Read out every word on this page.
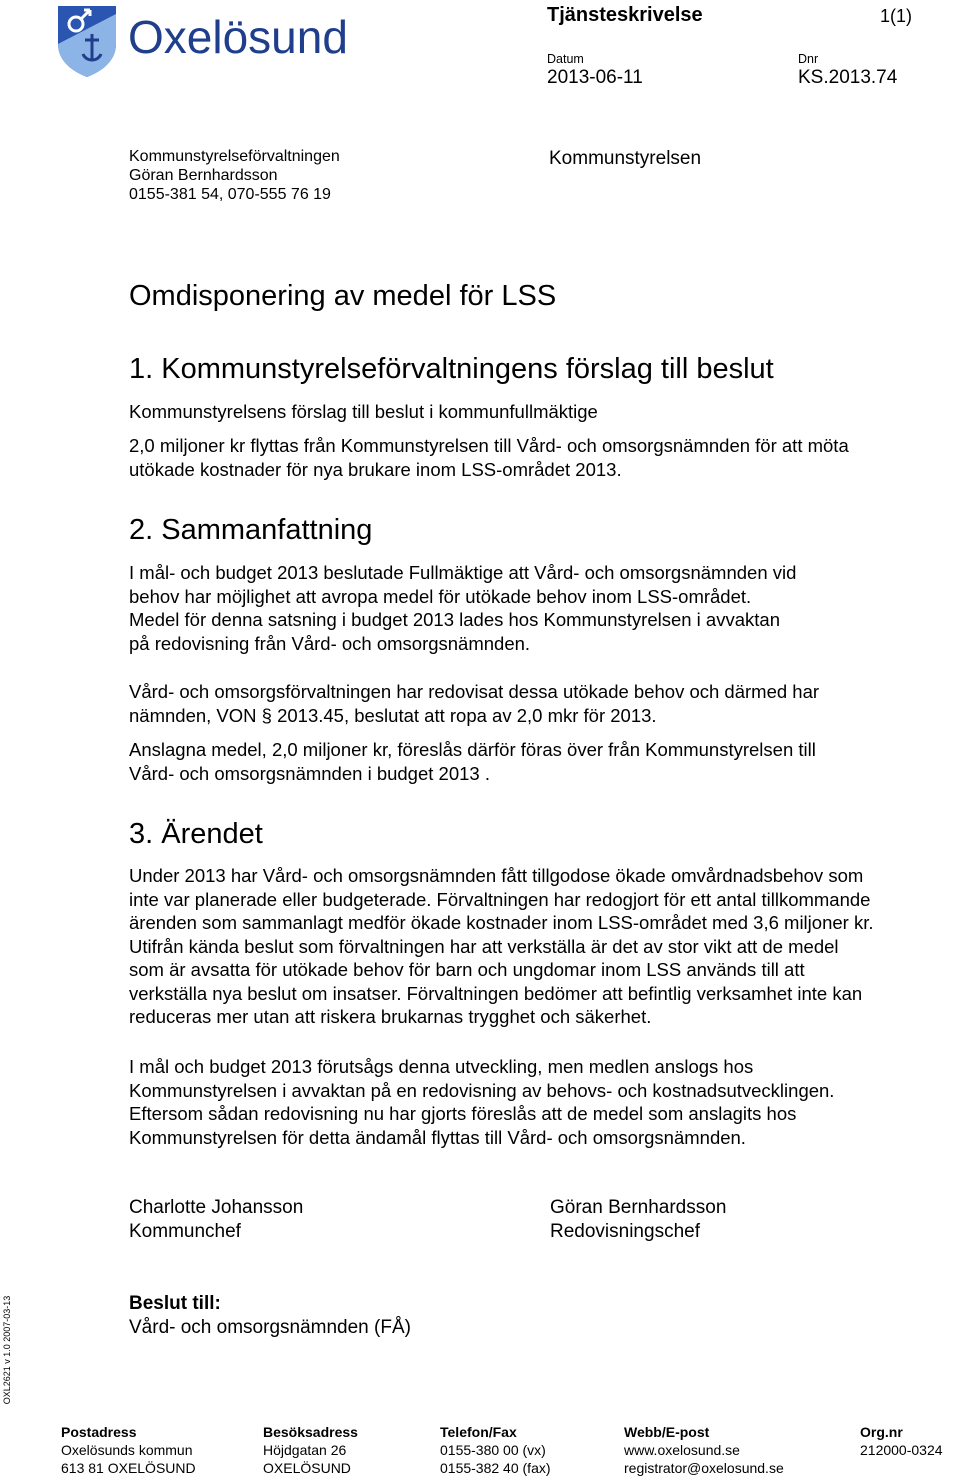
Oxelösund	Tjänsteskrivelse	1(1)
Datum
2013-06-11
Dnr
KS.2013.74
Kommunstyrelseförvaltningen
Göran Bernhardsson
0155-381 54, 070-555 76 19
Kommunstyrelsen
Omdisponering av medel för LSS
1. Kommunstyrelseförvaltningens förslag till beslut
Kommunstyrelsens förslag till beslut i kommunfullmäktige
2,0 miljoner kr flyttas från Kommunstyrelsen till Vård- och omsorgsnämnden för att möta
utökade kostnader för nya brukare inom LSS-området 2013.
2. Sammanfattning
I mål- och budget 2013 beslutade Fullmäktige att Vård- och omsorgsnämnden vid
behov har möjlighet att avropa medel för utökade behov inom LSS-området.
Medel för denna satsning i budget 2013 lades hos Kommunstyrelsen i avvaktan
på redovisning från Vård- och omsorgsnämnden.
Vård- och omsorgsförvaltningen har redovisat dessa utökade behov och därmed har
nämnden, VON § 2013.45, beslutat att ropa av 2,0 mkr för 2013.
Anslagna medel, 2,0 miljoner kr, föreslås därför föras över från Kommunstyrelsen till
Vård- och omsorgsnämnden i budget 2013 .
3. Ärendet
Under 2013 har Vård- och omsorgsnämnden fått tillgodose ökade omvårdnadsbehov som
inte var planerade eller budgeterade. Förvaltningen har redogjort för ett antal tillkommande
ärenden som sammanlagt medför ökade kostnader inom LSS-området med 3,6 miljoner kr.
Utifrån kända beslut som förvaltningen har att verkställa är det av stor vikt att de medel
som är avsatta för utökade behov för barn och ungdomar inom LSS används till att
verkställa nya beslut om insatser. Förvaltningen bedömer att befintlig verksamhet inte kan
reduceras mer utan att riskera brukarnas trygghet och säkerhet.
I mål och budget 2013 förutsågs denna utveckling, men medlen anslogs hos
Kommunstyrelsen i avvaktan på en redovisning av behovs- och kostnadsutvecklingen.
Eftersom sådan redovisning nu har gjorts föreslås att de medel som anslagits hos
Kommunstyrelsen för detta ändamål flyttas till Vård- och omsorgsnämnden.
Charlotte Johansson
Kommunchef
Göran Bernhardsson
Redovisningschef
Beslut till:
Vård- och omsorgsnämnden (FÅ)
OXL2621 v 1.0 2007-03-13
Postadress
Oxelösunds kommun
613 81 OXELÖSUND
Besöksadress
Höjdgatan 26
OXELÖSUND
Telefon/Fax
0155-380 00 (vx)
0155-382 40 (fax)
Webb/E-post
www.oxelosund.se
registrator@oxelosund.se
Org.nr
212000-0324
